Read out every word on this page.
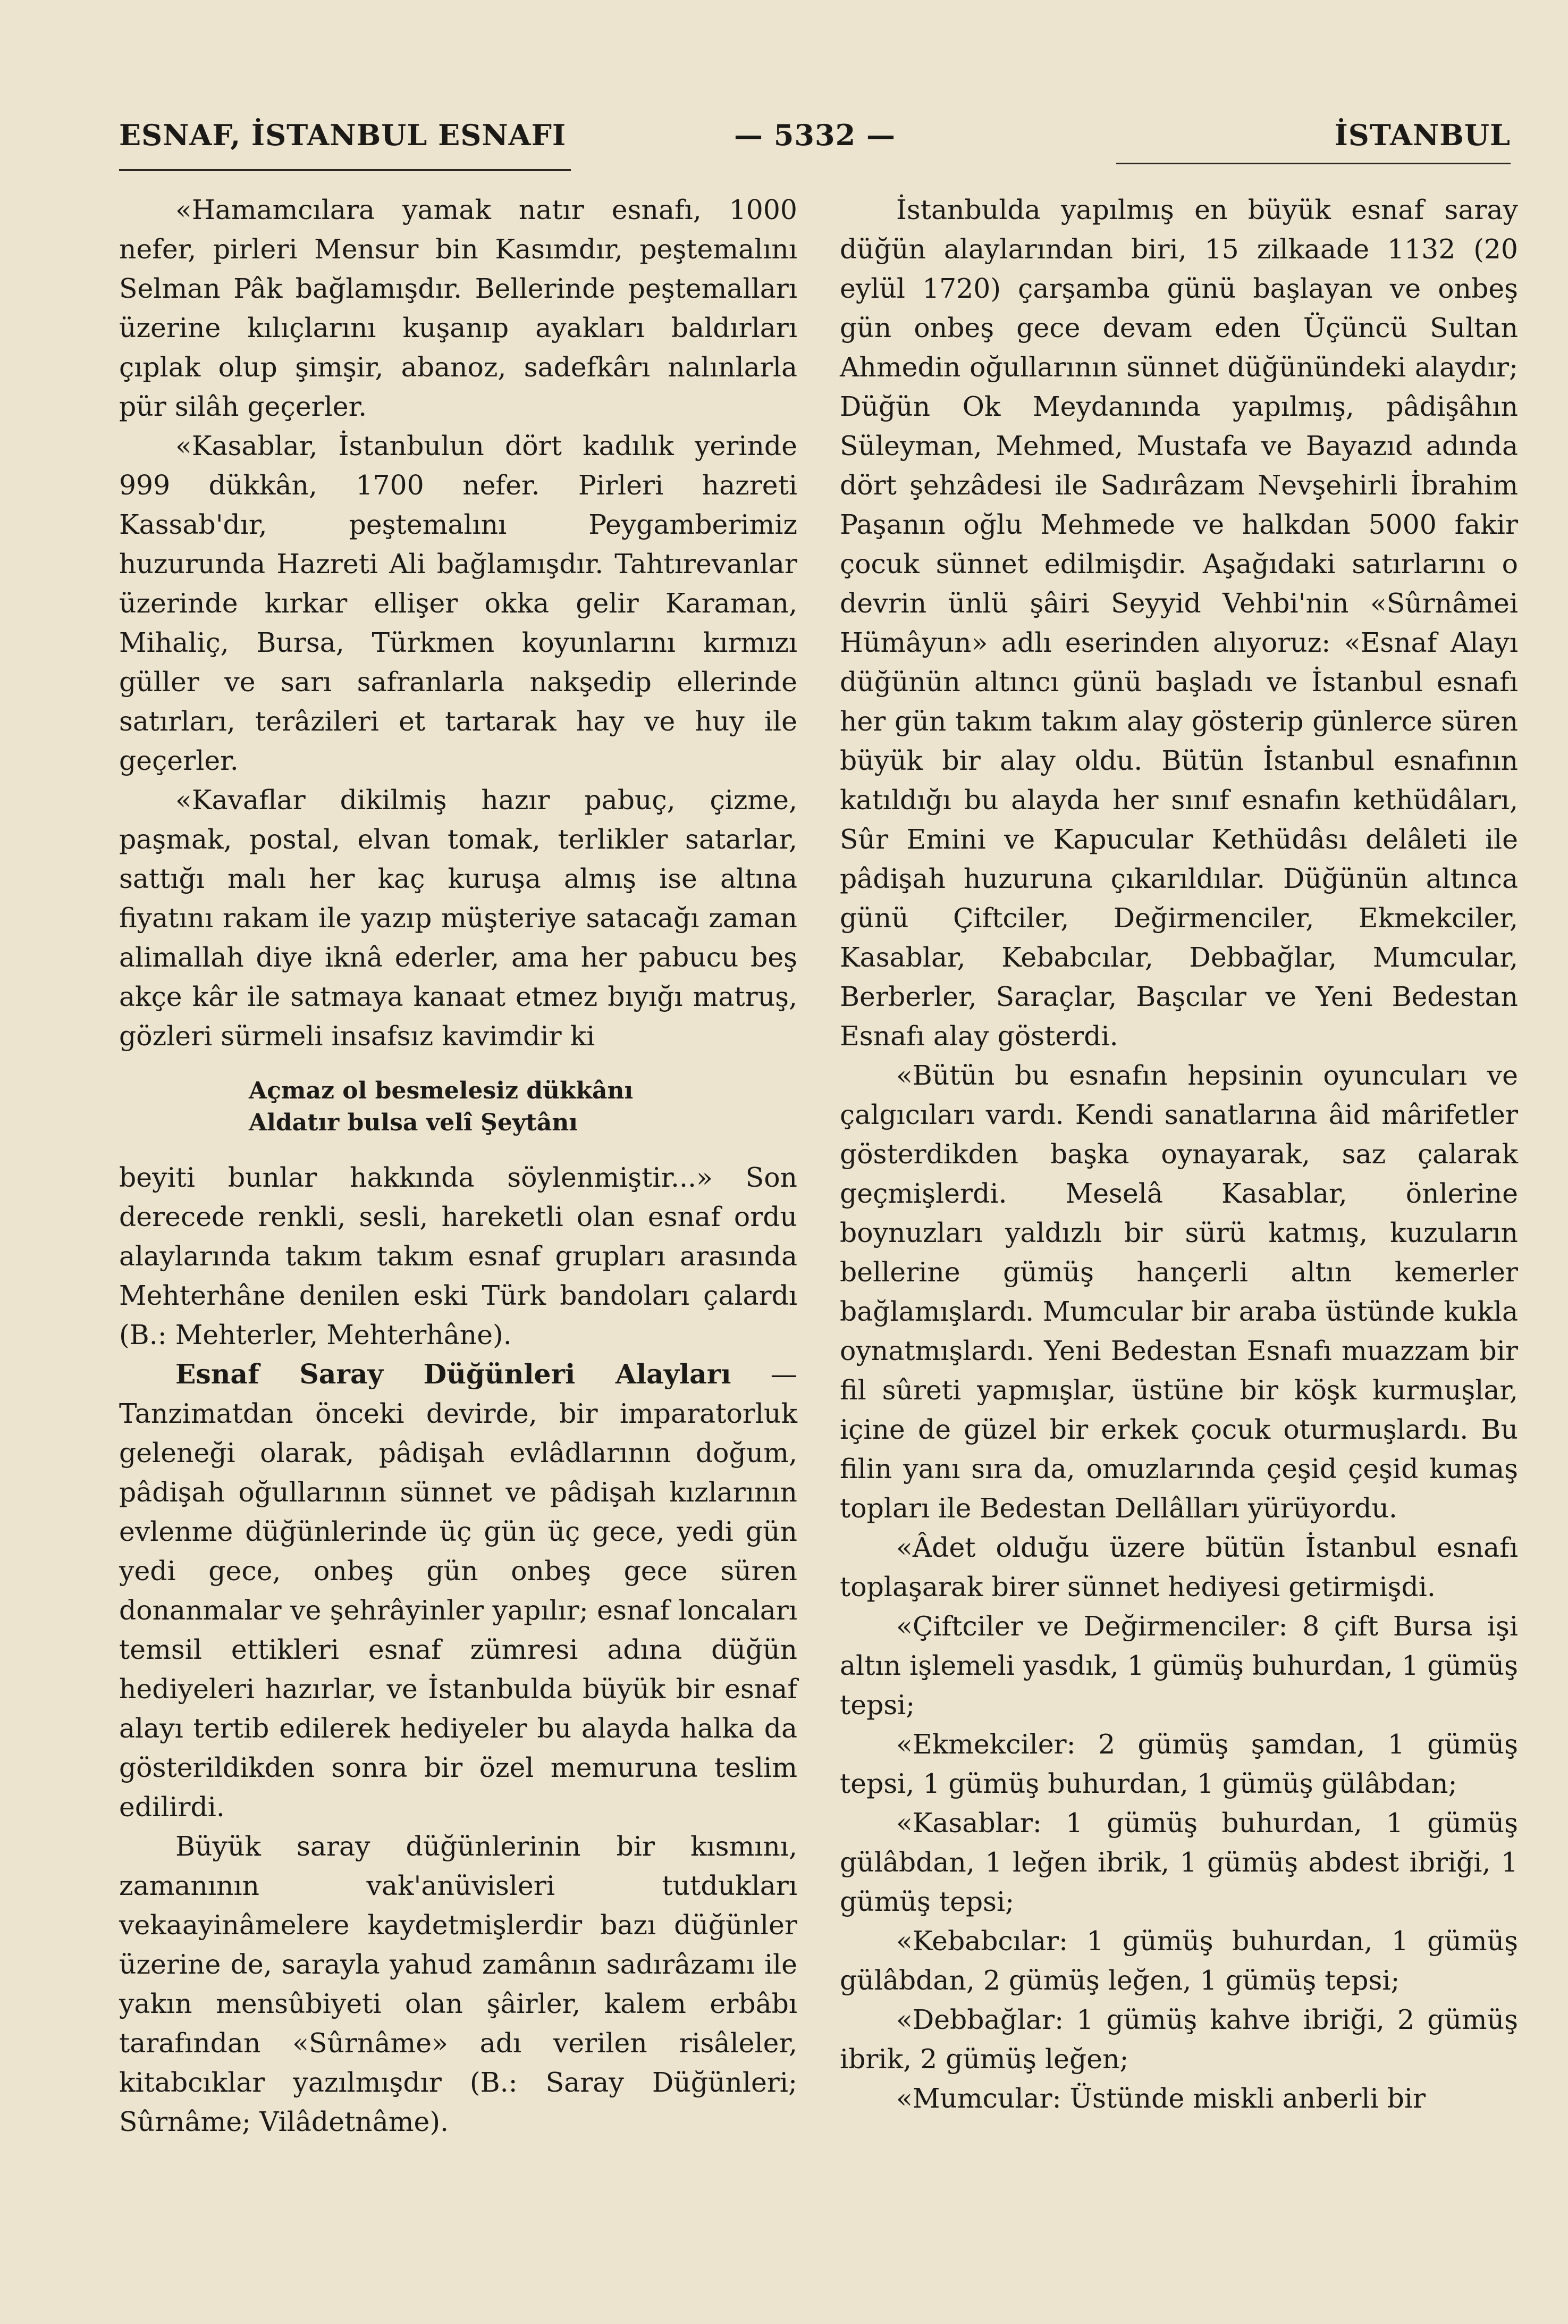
ESNAF, İSTANBUL ESNAFI	— 5332 —	İSTANBUL

«Hamamcılara yamak natır esnafı, 1000 nefer, pirleri Mensur bin Kasımdır, peştemalını Selman Pâk bağlamışdır. Bellerinde peştemalları üzerine kılıçlarını kuşanıp ayakları baldırları çıplak olup şimşir, abanoz, sadefkârı nalınlarla pür silâh geçerler.

«Kasablar, İstanbulun dört kadılık yerinde 999 dükkân, 1700 nefer. Pirleri hazreti Kassab'dır, peştemalını Peygamberimiz huzurunda Hazreti Ali bağlamışdır. Tahtırevanlar üzerinde kırkar ellişer okka gelir Karaman, Mihaliç, Bursa, Türkmen koyunlarını kırmızı güller ve sarı safranlarla nakşedip ellerinde satırları, terâzileri et tartarak hay ve huy ile geçerler.

«Kavaflar dikilmiş hazır pabuç, çizme, paşmak, postal, elvan tomak, terlikler satarlar, sattığı malı her kaç kuruşa almış ise altına fiyatını rakam ile yazıp müşteriye satacağı zaman alimallah diye iknâ ederler, ama her pabucu beş akçe kâr ile satmaya kanaat etmez bıyığı matruş, gözleri sürmeli insafsız kavimdir ki

Açmaz ol besmelesiz dükkânı
Aldatır bulsa velî Şeytânı

beyiti bunlar hakkında söylenmiştir...» Son derecede renkli, sesli, hareketli olan esnaf ordu alaylarında takım takım esnaf grupları arasında Mehterhâne denilen eski Türk bandoları çalardı (B.: Mehterler, Mehterhâne).

Esnaf Saray Düğünleri Alayları — Tanzimatdan önceki devirde, bir imparatorluk geleneği olarak, pâdişah evlâdlarının doğum, pâdişah oğullarının sünnet ve pâdişah kızlarının evlenme düğünlerinde üç gün üç gece, yedi gün yedi gece, onbeş gün onbeş gece süren donanmalar ve şehrâyinler yapılır; esnaf loncaları temsil ettikleri esnaf zümresi adına düğün hediyeleri hazırlar, ve İstanbulda büyük bir esnaf alayı tertib edilerek hediyeler bu alayda halka da gösterildikden sonra bir özel memuruna teslim edilirdi.

Büyük saray düğünlerinin bir kısmını, zamanının vak'anüvisleri tutdukları vekaayinâmelere kaydetmişlerdir bazı düğünler üzerine de, sarayla yahud zamânın sadırâzamı ile yakın mensûbiyeti olan şâirler, kalem erbâbı tarafından «Sûrnâme» adı verilen risâleler, kitabcıklar yazılmışdır (B.: Saray Düğünleri; Sûrnâme; Vilâdetnâme).

İstanbulda yapılmış en büyük esnaf saray düğün alaylarından biri, 15 zilkaade 1132 (20 eylül 1720) çarşamba günü başlayan ve onbeş gün onbeş gece devam eden Üçüncü Sultan Ahmedin oğullarının sünnet düğünündeki alaydır; Düğün Ok Meydanında yapılmış, pâdişâhın Süleyman, Mehmed, Mustafa ve Bayazıd adında dört şehzâdesi ile Sadırâzam Nevşehirli İbrahim Paşanın oğlu Mehmede ve halkdan 5000 fakir çocuk sünnet edilmişdir. Aşağıdaki satırlarını o devrin ünlü şâiri Seyyid Vehbi'nin «Sûrnâmei Hümâyun» adlı eserinden alıyoruz: «Esnaf Alayı düğünün altıncı günü başladı ve İstanbul esnafı her gün takım takım alay gösterip günlerce süren büyük bir alay oldu. Bütün İstanbul esnafının katıldığı bu alayda her sınıf esnafın kethüdâları, Sûr Emini ve Kapucular Kethüdâsı delâleti ile pâdişah huzuruna çıkarıldılar. Düğünün altınca günü Çiftciler, Değirmenciler, Ekmekciler, Kasablar, Kebabcılar, Debbağlar, Mumcular, Berberler, Saraçlar, Başcılar ve Yeni Bedestan Esnafı alay gösterdi.

«Bütün bu esnafın hepsinin oyuncuları ve çalgıcıları vardı. Kendi sanatlarına âid mârifetler gösterdikden başka oynayarak, saz çalarak geçmişlerdi. Meselâ Kasablar, önlerine boynuzları yaldızlı bir sürü katmış, kuzuların bellerine gümüş hançerli altın kemerler bağlamışlardı. Mumcular bir araba üstünde kukla oynatmışlardı. Yeni Bedestan Esnafı muazzam bir fil sûreti yapmışlar, üstüne bir köşk kurmuşlar, içine de güzel bir erkek çocuk oturmuşlardı. Bu filin yanı sıra da, omuzlarında çeşid çeşid kumaş topları ile Bedestan Dellâlları yürüyordu.

«Âdet olduğu üzere bütün İstanbul esnafı toplaşarak birer sünnet hediyesi getirmişdi.

«Çiftciler ve Değirmenciler: 8 çift Bursa işi altın işlemeli yasdık, 1 gümüş buhurdan, 1 gümüş tepsi;

«Ekmekciler: 2 gümüş şamdan, 1 gümüş tepsi, 1 gümüş buhurdan, 1 gümüş gülâbdan;

«Kasablar: 1 gümüş buhurdan, 1 gümüş gülâbdan, 1 leğen ibrik, 1 gümüş abdest ibriği, 1 gümüş tepsi;

«Kebabcılar: 1 gümüş buhurdan, 1 gümüş gülâbdan, 2 gümüş leğen, 1 gümüş tepsi;

«Debbağlar: 1 gümüş kahve ibriği, 2 gümüş ibrik, 2 gümüş leğen;

«Mumcular: Üstünde miskli anberli bir
